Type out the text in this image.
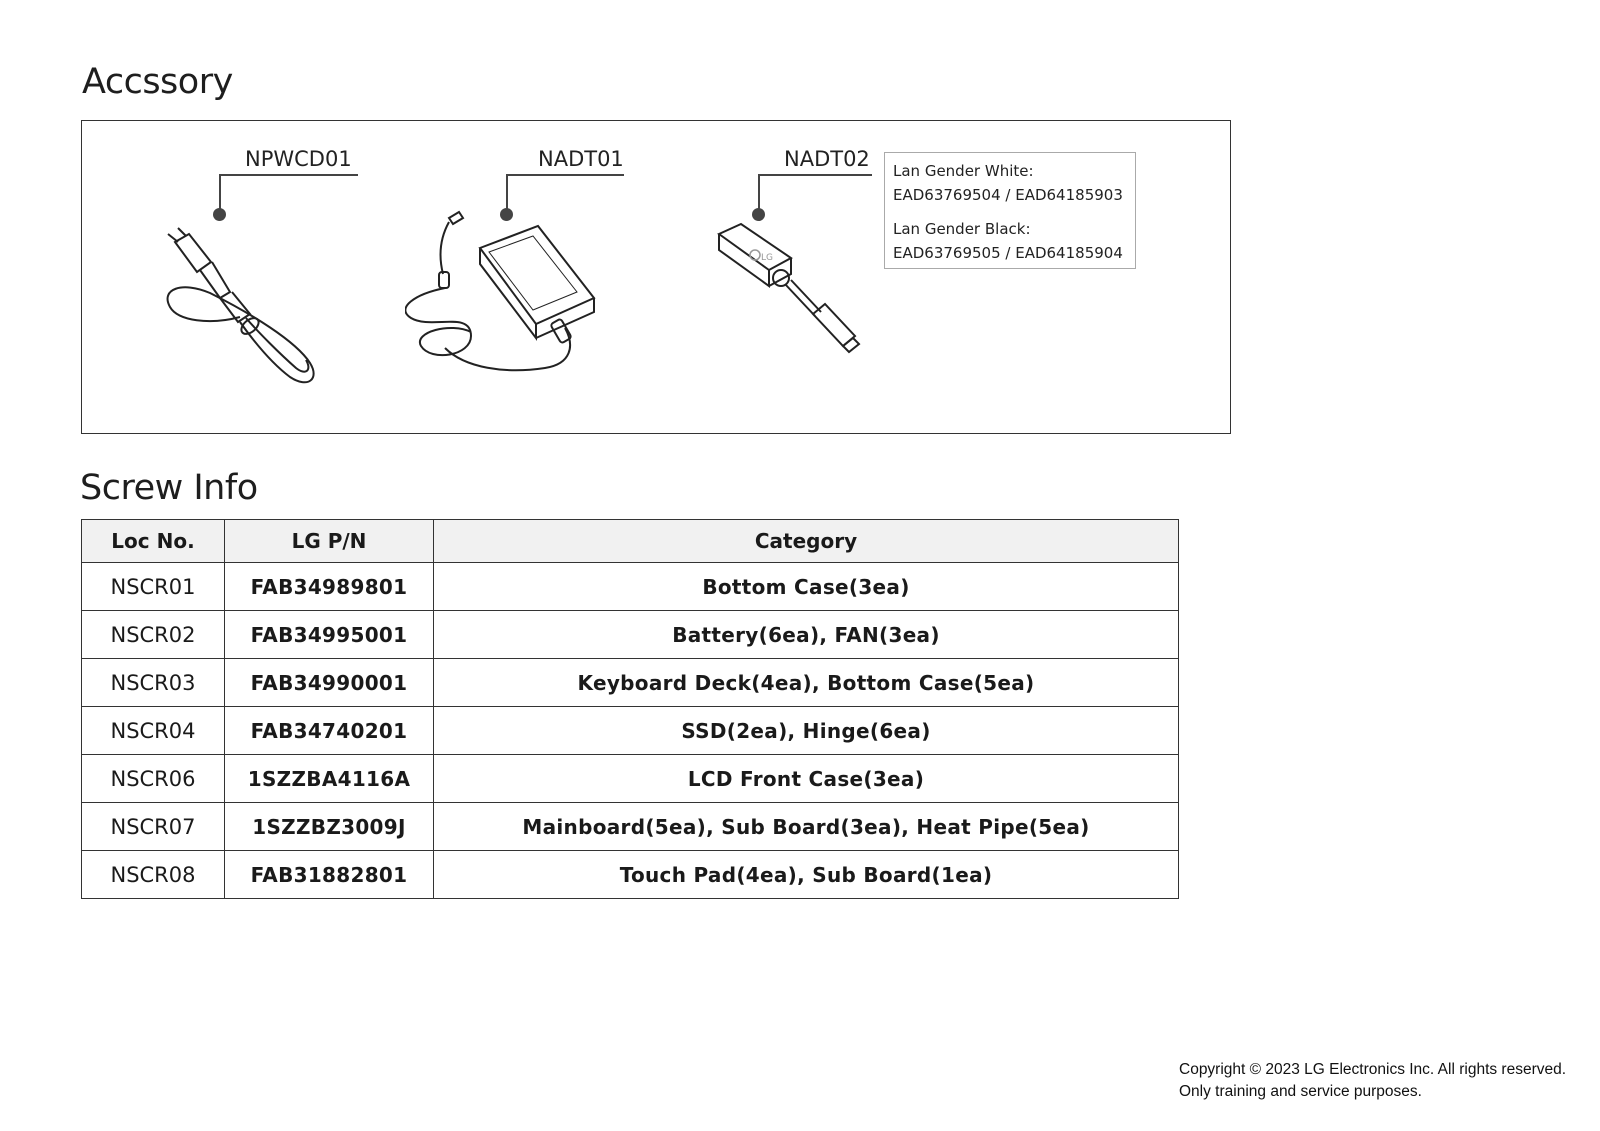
Accssory
NPWCD01	NADT01	NADT02
LG
Lan Gender White:
EAD63769504 / EAD64185903
Lan Gender Black:
EAD63769505 / EAD64185904
Screw Info
Loc No.	LG P/N	Category
NSCR01	FAB34989801	Bottom Case(3ea)
NSCR02	FAB34995001	Battery(6ea), FAN(3ea)
NSCR03	FAB34990001	Keyboard Deck(4ea), Bottom Case(5ea)
NSCR04	FAB34740201	SSD(2ea), Hinge(6ea)
NSCR06	1SZZBA4116A	LCD Front Case(3ea)
NSCR07	1SZZBZ3009J	Mainboard(5ea), Sub Board(3ea), Heat Pipe(5ea)
NSCR08	FAB31882801	Touch Pad(4ea), Sub Board(1ea)
Copyright © 2023 LG Electronics Inc. All rights reserved.
Only training and service purposes.
